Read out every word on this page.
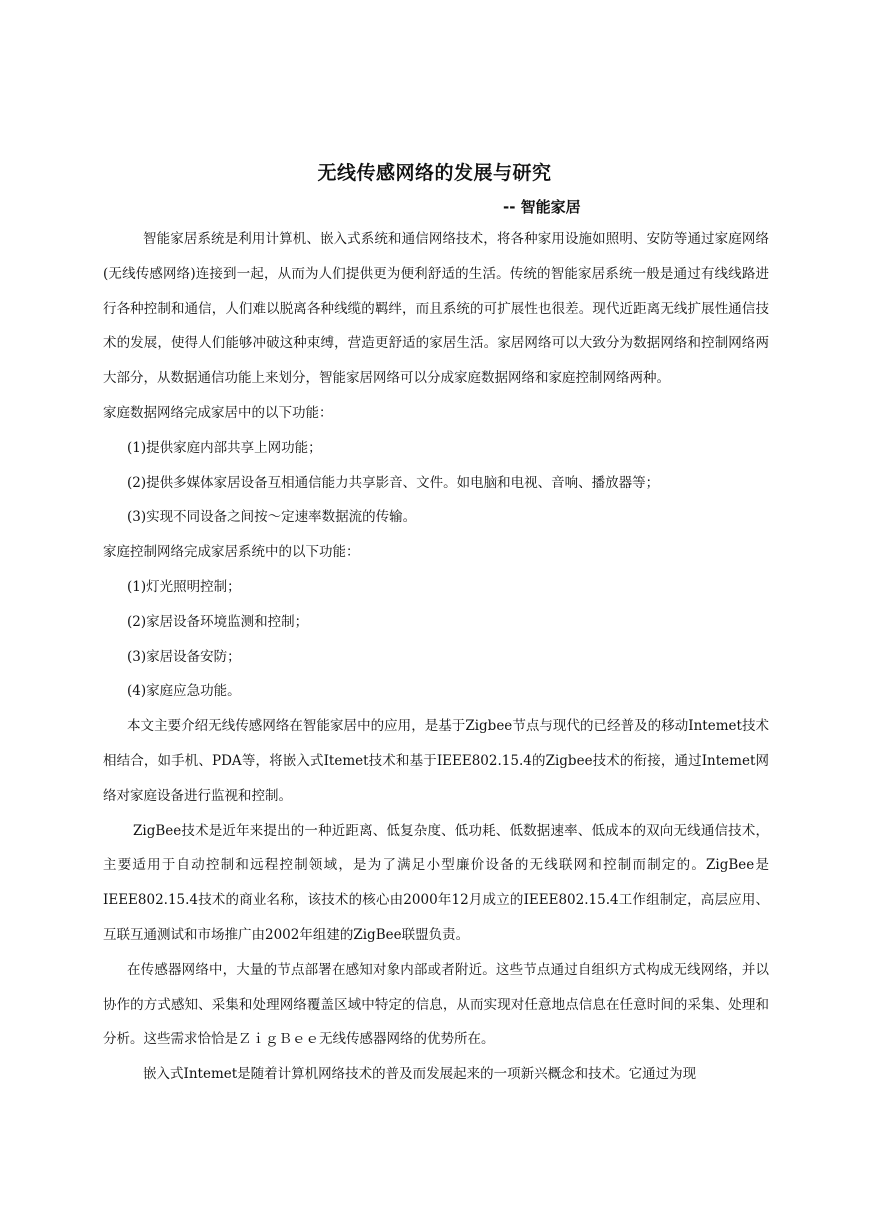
无线传感网络的发展与研究
-- 智能家居

智能家居系统是利用计算机、嵌入式系统和通信网络技术，将各种家用设施如照明、安防等通过家庭网络(无线传感网络)连接到一起，从而为人们提供更为便利舒适的生活。传统的智能家居系统一般是通过有线线路进行各种控制和通信，人们难以脱离各种线缆的羁绊，而且系统的可扩展性也很差。现代近距离无线扩展性通信技术的发展，使得人们能够冲破这种束缚，营造更舒适的家居生活。家居网络可以大致分为数据网络和控制网络两大部分，从数据通信功能上来划分，智能家居网络可以分成家庭数据网络和家庭控制网络两种。

家庭数据网络完成家居中的以下功能：

(1)提供家庭内部共享上网功能；

(2)提供多媒体家居设备互相通信能力共享影音、文件。如电脑和电视、音响、播放器等；

(3)实现不同设备之间按～定速率数据流的传输。

家庭控制网络完成家居系统中的以下功能：

(1)灯光照明控制；

(2)家居设备环境监测和控制；

(3)家居设备安防；

(4)家庭应急功能。

本文主要介绍无线传感网络在智能家居中的应用，是基于Zigbee节点与现代的已经普及的移动Intemet技术相结合，如手机、PDA等，将嵌入式Itemet技术和基于IEEE802.15.4的Zigbee技术的衔接，通过Intemet网络对家庭设备进行监视和控制。

ZigBee技术是近年来提出的一种近距离、低复杂度、低功耗、低数据速率、低成本的双向无线通信技术，主要适用于自动控制和远程控制领域，是为了满足小型廉价设备的无线联网和控制而制定的。ZigBee是IEEE802.15.4技术的商业名称，该技术的核心由2000年12月成立的IEEE802.15.4工作组制定，高层应用、互联互通测试和市场推广由2002年组建的ZigBee联盟负责。

在传感器网络中，大量的节点部署在感知对象内部或者附近。这些节点通过自组织方式构成无线网络，并以协作的方式感知、采集和处理网络覆盖区域中特定的信息，从而实现对任意地点信息在任意时间的采集、处理和分析。这些需求恰恰是ＺｉｇＢｅｅ无线传感器网络的优势所在。

嵌入式Intemet是随着计算机网络技术的普及而发展起来的一项新兴概念和技术。它通过为现
